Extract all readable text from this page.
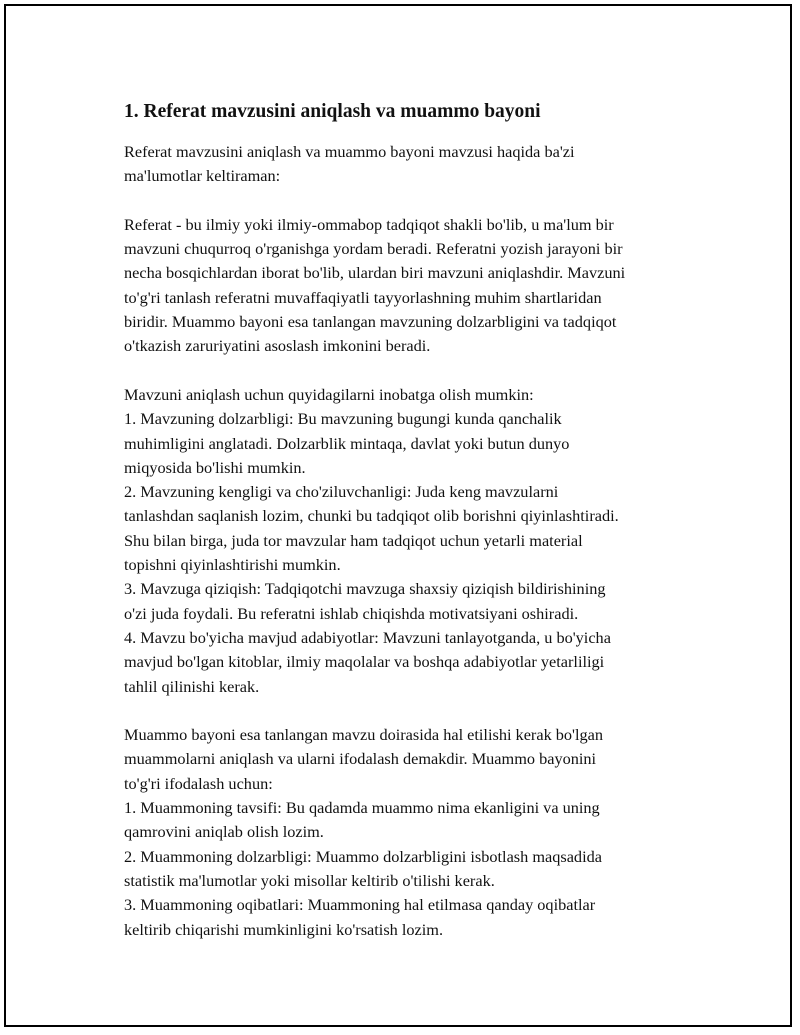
1. Referat mavzusini aniqlash va muammo bayoni

Referat mavzusini aniqlash va muammo bayoni mavzusi haqida ba'zi
ma'lumotlar keltiraman:

Referat - bu ilmiy yoki ilmiy-ommabop tadqiqot shakli bo'lib, u ma'lum bir
mavzuni chuqurroq o'rganishga yordam beradi. Referatni yozish jarayoni bir
necha bosqichlardan iborat bo'lib, ulardan biri mavzuni aniqlashdir. Mavzuni
to'g'ri tanlash referatni muvaffaqiyatli tayyorlashning muhim shartlaridan
biridir. Muammo bayoni esa tanlangan mavzuning dolzarbligini va tadqiqot
o'tkazish zaruriyatini asoslash imkonini beradi.

Mavzuni aniqlash uchun quyidagilarni inobatga olish mumkin:

1. Mavzuning dolzarbligi: Bu mavzuning bugungi kunda qanchalik
muhimligini anglatadi. Dolzarblik mintaqa, davlat yoki butun dunyo
miqyosida bo'lishi mumkin.

2. Mavzuning kengligi va cho'ziluvchanligi: Juda keng mavzularni
tanlashdan saqlanish lozim, chunki bu tadqiqot olib borishni qiyinlashtiradi.
Shu bilan birga, juda tor mavzular ham tadqiqot uchun yetarli material
topishni qiyinlashtirishi mumkin.

3. Mavzuga qiziqish: Tadqiqotchi mavzuga shaxsiy qiziqish bildirishining
o'zi juda foydali. Bu referatni ishlab chiqishda motivatsiyani oshiradi.

4. Mavzu bo'yicha mavjud adabiyotlar: Mavzuni tanlayotganda, u bo'yicha
mavjud bo'lgan kitoblar, ilmiy maqolalar va boshqa adabiyotlar yetarliligi
tahlil qilinishi kerak.

Muammo bayoni esa tanlangan mavzu doirasida hal etilishi kerak bo'lgan
muammolarni aniqlash va ularni ifodalash demakdir. Muammo bayonini
to'g'ri ifodalash uchun:

1. Muammoning tavsifi: Bu qadamda muammo nima ekanligini va uning
qamrovini aniqlab olish lozim.

2. Muammoning dolzarbligi: Muammo dolzarbligini isbotlash maqsadida
statistik ma'lumotlar yoki misollar keltirib o'tilishi kerak.

3. Muammoning oqibatlari: Muammoning hal etilmasa qanday oqibatlar
keltirib chiqarishi mumkinligini ko'rsatish lozim.
